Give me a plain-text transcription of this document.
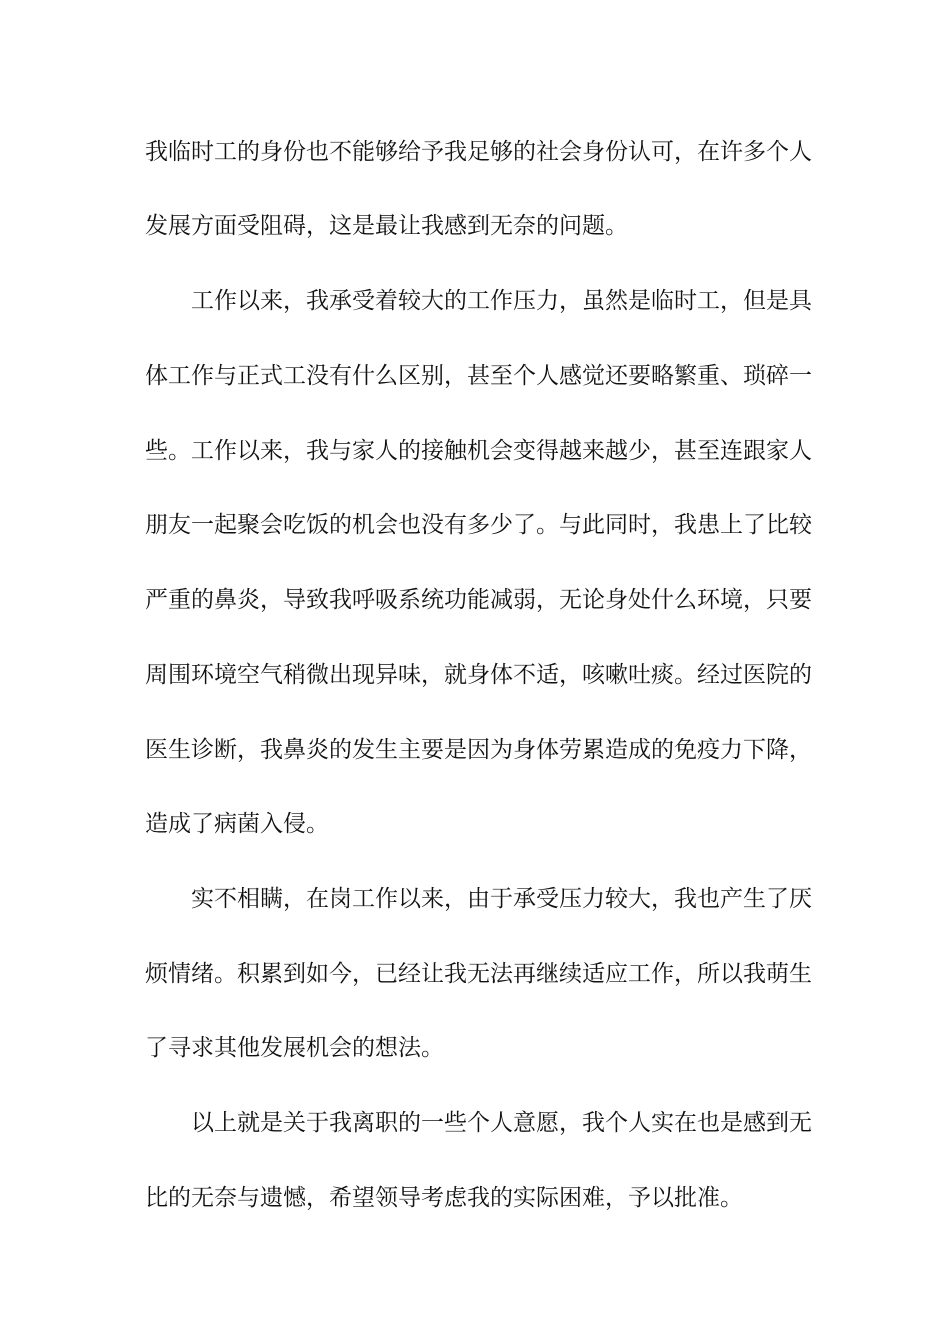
我临时工的身份也不能够给予我足够的社会身份认可，在许多个人
发展方面受阻碍，这是最让我感到无奈的问题。
工作以来，我承受着较大的工作压力，虽然是临时工，但是具
体工作与正式工没有什么区别，甚至个人感觉还要略繁重、琐碎一
些。工作以来，我与家人的接触机会变得越来越少，甚至连跟家人
朋友一起聚会吃饭的机会也没有多少了。与此同时，我患上了比较
严重的鼻炎，导致我呼吸系统功能减弱，无论身处什么环境，只要
周围环境空气稍微出现异味，就身体不适，咳嗽吐痰。经过医院的
医生诊断，我鼻炎的发生主要是因为身体劳累造成的免疫力下降，
造成了病菌入侵。
实不相瞒，在岗工作以来，由于承受压力较大，我也产生了厌
烦情绪。积累到如今，已经让我无法再继续适应工作，所以我萌生
了寻求其他发展机会的想法。
以上就是关于我离职的一些个人意愿，我个人实在也是感到无
比的无奈与遗憾，希望领导考虑我的实际困难，予以批准。
